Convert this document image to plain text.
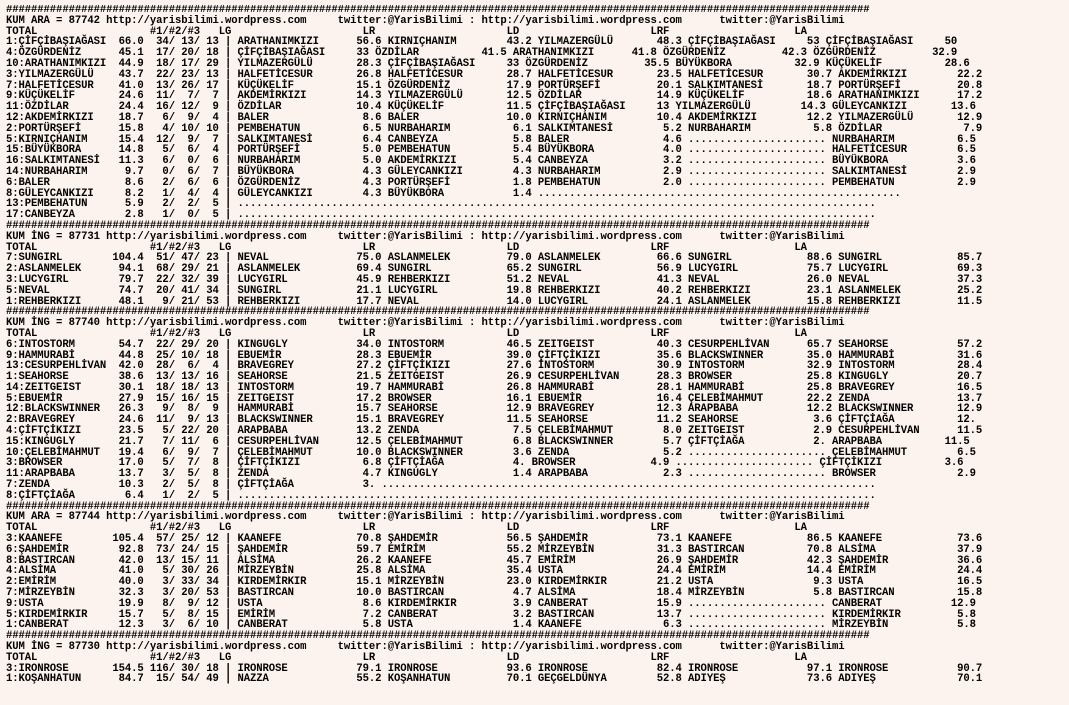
##########################################################################################################################################
KUM ARA = 87742 http://yarisbilimi.wordpress.com     twitter:@YarisBilimi : http://yarisbilimi.wordpress.com      twitter:@YarisBilimi
TOTAL                  #1/#2/#3   LG                     LR                     LD                     LRF                    LA
1:ÇİFÇİBAŞIAĞASI  66.0  34/ 13/ 13 | ARATHANIMKIZI      56.6 KIRNIÇHANIM        43.2 YILMAZERGÜLÜ       48.3 ÇİFÇİBAŞIAĞASI     53 ÇİFÇİBAŞIAĞASI     50
4:ÖZGÜRDENİZ      45.1  17/ 20/ 18 | ÇİFÇİBAŞIAĞASI     33 ÖZDİLAR          41.5 ARATHANIMKIZI      41.8 ÖZGÜRDENİZ         42.3 ÖZGÜRDENİZ         32.9
10:ARATHANIMKIZI  44.9  18/ 17/ 29 | YILMAZERGÜLÜ       28.3 ÇİFÇİBAŞIAĞASI     33 ÖZGÜRDENİZ         35.5 BÜYÜKBORA          32.9 KÜÇÜKELİF          28.6
3:YILMAZERGÜLÜ    43.7  22/ 23/ 13 | HALFETİCESUR       26.8 HALFETİCESUR       28.7 HALFETİCESUR       23.5 HALFETİCESUR       30.7 AKDEMİRKIZI        22.2
7:HALFETİCESUR    41.0  13/ 26/ 17 | KÜÇÜKELİF          15.1 ÖZGÜRDENİZ         17.9 PORTÜRŞEFİ         20.1 SALKIMTANESİ       18.7 PORTÜRŞEFİ         20.8
9:KÜÇÜKELİF       24.6  11/  7/  7 | AKDEMİRKIZI        14.3 YILMAZERGÜLÜ       12.5 ÖZDİLAR            14.9 KÜÇÜKELİF          18.6 ARATHANIMKIZI      17.2
11:ÖZDİLAR        24.4  16/ 12/  9 | ÖZDİLAR            10.4 KÜÇÜKELİF          11.5 ÇİFÇİBAŞIAĞASI     13 YILMAZERGÜLÜ        14.3 GÜLEYCANKIZI       13.6
12:AKDEMİRKIZI    18.7   6/  9/  4 | BALER               8.6 BALER              10.0 KIRNIÇHANIM        10.4 AKDEMİRKIZI        12.2 YILMAZERGÜLÜ       12.9
2:PORTÜRŞEFİ      15.8   4/ 10/ 10 | PEMBEHATUN          6.5 NURBAHARIM          6.1 SALKIMTANESİ        5.2 NURBAHARIM          5.8 ÖZDİLAR             7.9
5:KIRNIÇHANIM     15.4  12/  9/  7 | SALKIMTANESİ        6.4 CANBEYZA            5.8 BALER               4.6 ...................... NURBAHARIM          6.5
15:BÜYÜKBORA      14.8   5/  6/  4 | PORTÜRŞEFİ          5.0 PEMBEHATUN          5.4 BÜYÜKBORA           4.0 ...................... HALFETİCESUR        6.5
16:SALKIMTANESİ   11.3   6/  0/  6 | NURBAHARIM          5.0 AKDEMİRKIZI         5.4 CANBEYZA            3.2 ...................... BÜYÜKBORA           3.6
14:NURBAHARIM      9.7   0/  6/  7 | BÜYÜKBORA           4.3 GÜLEYCANKIZI        4.3 NURBAHARIM          2.9 ...................... SALKIMTANESİ        2.9
6:BALER            8.6   2/  6/  6 | ÖZGÜRDENİZ          4.3 PORTÜRŞEFİ          1.8 PEMBEHATUN          2.0 ...................... PEMBEHATUN          2.9
8:GÜLEYCANKIZI     8.2   1/  4/  4 | GÜLEYCANKIZI        4.3 BÜYÜKBORA           1.4 ..........................................................
13:PEMBEHATUN      5.9   2/  2/  5 | ......................................................................................................
17:CANBEYZA        2.8   1/  0/  5 | ......................................................................................................
##########################################################################################################################################
KUM İNG = 87731 http://yarisbilimi.wordpress.com     twitter:@YarisBilimi : http://yarisbilimi.wordpress.com      twitter:@YarisBilimi
TOTAL                  #1/#2/#3   LG                     LR                     LD                     LRF                    LA
7:SUNGIRL        104.4  51/ 47/ 23 | NEVAL              75.0 ASLANMELEK         79.0 ASLANMELEK         66.6 SUNGIRL            88.6 SUNGIRL            85.7
2:ASLANMELEK      94.1  68/ 29/ 21 | ASLANMELEK         69.4 SUNGIRL            65.2 SUNGIRL            56.9 LUCYGIRL           75.7 LUCYGIRL           69.3
3:LUCYGIRL        79.7  22/ 32/ 39 | LUCYGIRL           45.9 REHBERKIZI         51.2 NEVAL              41.3 NEVAL              26.0 NEVAL              37.3
5:NEVAL           74.7  20/ 41/ 34 | SUNGIRL            21.1 LUCYGIRL           19.8 REHBERKIZI         40.2 REHBERKIZI         23.1 ASLANMELEK         25.2
1:REHBERKIZI      48.1   9/ 21/ 53 | REHBERKIZI         17.7 NEVAL              14.0 LUCYGIRL           24.1 ASLANMELEK         15.8 REHBERKIZI         11.5
##########################################################################################################################################
KUM İNG = 87740 http://yarisbilimi.wordpress.com     twitter:@YarisBilimi : http://yarisbilimi.wordpress.com      twitter:@YarisBilimi
TOTAL                  #1/#2/#3   LG                     LR                     LD                     LRF                    LA
6:INTOSTORM       54.7  22/ 29/ 20 | KINGUGLY           34.0 INTOSTORM          46.5 ZEITGEIST          40.3 CESURPEHLİVAN      65.7 SEAHORSE           57.2
9:HAMMURABİ       44.8  25/ 10/ 18 | EBUEMİR            28.3 EBUEMİR            39.0 ÇİFTÇİKIZI         35.6 BLACKSWINNER       35.0 HAMMURABİ          31.6
13:CESURPEHLİVAN  42.0  28/  6/  4 | BRAVEGREY          27.2 ÇİFTÇİKIZI         27.6 İNTOSTORM          30.9 INTOSTORM          32.9 INTOSTORM          28.4
1:SEAHORSE        38.6  13/ 13/ 16 | SEAHORSE           21.5 ZEITGEIST          26.9 CESURPEHLİVAN      28.3 BROWSER            25.8 KINGUGLY           20.7
14:ZEITGEIST      30.1  18/ 18/ 13 | INTOSTORM          19.7 HAMMURABİ          26.8 HAMMURABİ          28.1 HAMMURABİ          25.8 BRAVEGREY          16.5
5:EBUEMİR         27.9  15/ 16/ 15 | ZEITGEIST          17.2 BROWSER            16.1 EBUEMİR            16.4 ÇELEBİMAHMUT       22.2 ZENDA              13.7
12:BLACKSWINNER   26.3   9/  8/  9 | HAMMURABİ          15.7 SEAHORSE           12.9 BRAVEGREY          12.3 ARAPBABA           12.2 BLACKSWINNER       12.9
2:BRAVEGREY       24.6  11/  9/ 13 | BLACKSWINNER       15.1 BRAVEGREY          11.5 SEAHORSE           11.2 SEAHORSE            3.6 ÇİFTÇİAĞA          12.
4:ÇİFTÇİKIZI      23.5   5/ 22/ 20 | ARAPBABA           13.2 ZENDA               7.5 ÇELEBİMAHMUT        8.0 ZEITGEIST           2.9 CESURPEHLİVAN      11.5
15:KINGUGLY       21.7   7/ 11/  6 | CESURPEHLİVAN      12.5 ÇELEBİMAHMUT        6.8 BLACKSWINNER        5.7 ÇİFTÇİAĞA           2. ARAPBABA          11.5
10:ÇELEBİMAHMUT   19.4   6/  9/  7 | ÇELEBİMAHMUT       10.0 BLACKSWINNER        3.6 ZENDA               5.2 ...................... ÇELEBİMAHMUT        6.5
3:BROWSER         17.0   5/  7/  8 | ÇİFTÇİKIZI          6.8 ÇİFTÇİAĞA           4. BROWSER            4.9 ...................... ÇİFTÇİKIZI          3.6
11:ARAPBABA       13.7   3/  5/  8 | ZENDA               4.7 KINGUGLY            1.4 ARAPBABA            2.3 ...................... BROWSER             2.9
7:ZENDA           10.3   2/  5/  8 | ÇİFTÇİAĞA           3. ...............................................................................
8:ÇİFTÇİAĞA        6.4   1/  2/  5 | ......................................................................................................
##########################################################################################################################################
KUM ARA = 87744 http://yarisbilimi.wordpress.com     twitter:@YarisBilimi : http://yarisbilimi.wordpress.com      twitter:@YarisBilimi
TOTAL                  #1/#2/#3   LG                     LR                     LD                     LRF                    LA
3:KAANEFE        105.4  57/ 25/ 12 | KAANEFE            70.8 ŞAHDEMİR           56.5 ŞAHDEMİR           73.1 KAANEFE            86.5 KAANEFE            73.6
6:ŞAHDEMİR        92.8  73/ 24/ 15 | ŞAHDEMİR           59.7 EMİRİM             55.2 MİRZEYBİN          31.3 BASTIRCAN          70.8 ALSİMA             37.9
8:BASTIRCAN       42.0  13/ 15/ 11 | ALSİMA             26.2 KAANEFE            45.7 EMİRİM             26.9 ŞAHDEMİR           42.3 ŞAHDEMİR           36.6
4:ALSİMA          41.0   5/ 30/ 26 | MİRZEYBİN          25.8 ALSİMA             35.4 USTA               24.4 EMİRİM             14.4 EMİRİM             24.4
2:EMİRİM          40.0   3/ 33/ 34 | KIRDEMİRKIR        15.1 MİRZEYBİN          23.0 KIRDEMİRKIR        21.2 USTA                9.3 USTA               16.5
7:MİRZEYBİN       32.3   3/ 20/ 53 | BASTIRCAN          10.0 BASTIRCAN           4.7 ALSİMA             18.4 MİRZEYBİN           5.8 BASTIRCAN          15.8
9:USTA            19.9   8/  9/ 12 | USTA                8.6 KIRDEMİRKIR         3.9 CANBERAT           15.9 ...................... CANBERAT           12.9
5:KIRDEMİRKIR     15.7   5/  8/ 15 | EMİRİM              7.2 CANBERAT            3.2 BASTIRCAN          13.7 ...................... KIRDEMİRKIR         5.8
1:CANBERAT        12.3   3/  6/ 10 | CANBERAT            5.8 USTA                1.4 KAANEFE             6.3 ...................... MİRZEYBİN           5.8
##########################################################################################################################################
KUM İNG = 87730 http://yarisbilimi.wordpress.com     twitter:@YarisBilimi : http://yarisbilimi.wordpress.com      twitter:@YarisBilimi
TOTAL                  #1/#2/#3   LG                     LR                     LD                     LRF                    LA
3:IRONROSE       154.5 116/ 30/ 18 | IRONROSE           79.1 IRONROSE           93.6 IRONROSE           82.4 IRONROSE           97.1 IRONROSE           90.7
1:KOŞANHATUN      84.7  15/ 54/ 49 | NAZZA              55.2 KOŞANHATUN         70.1 GEÇGELDÜNYA        52.8 ADIYEŞ             73.6 ADIYEŞ             70.1
